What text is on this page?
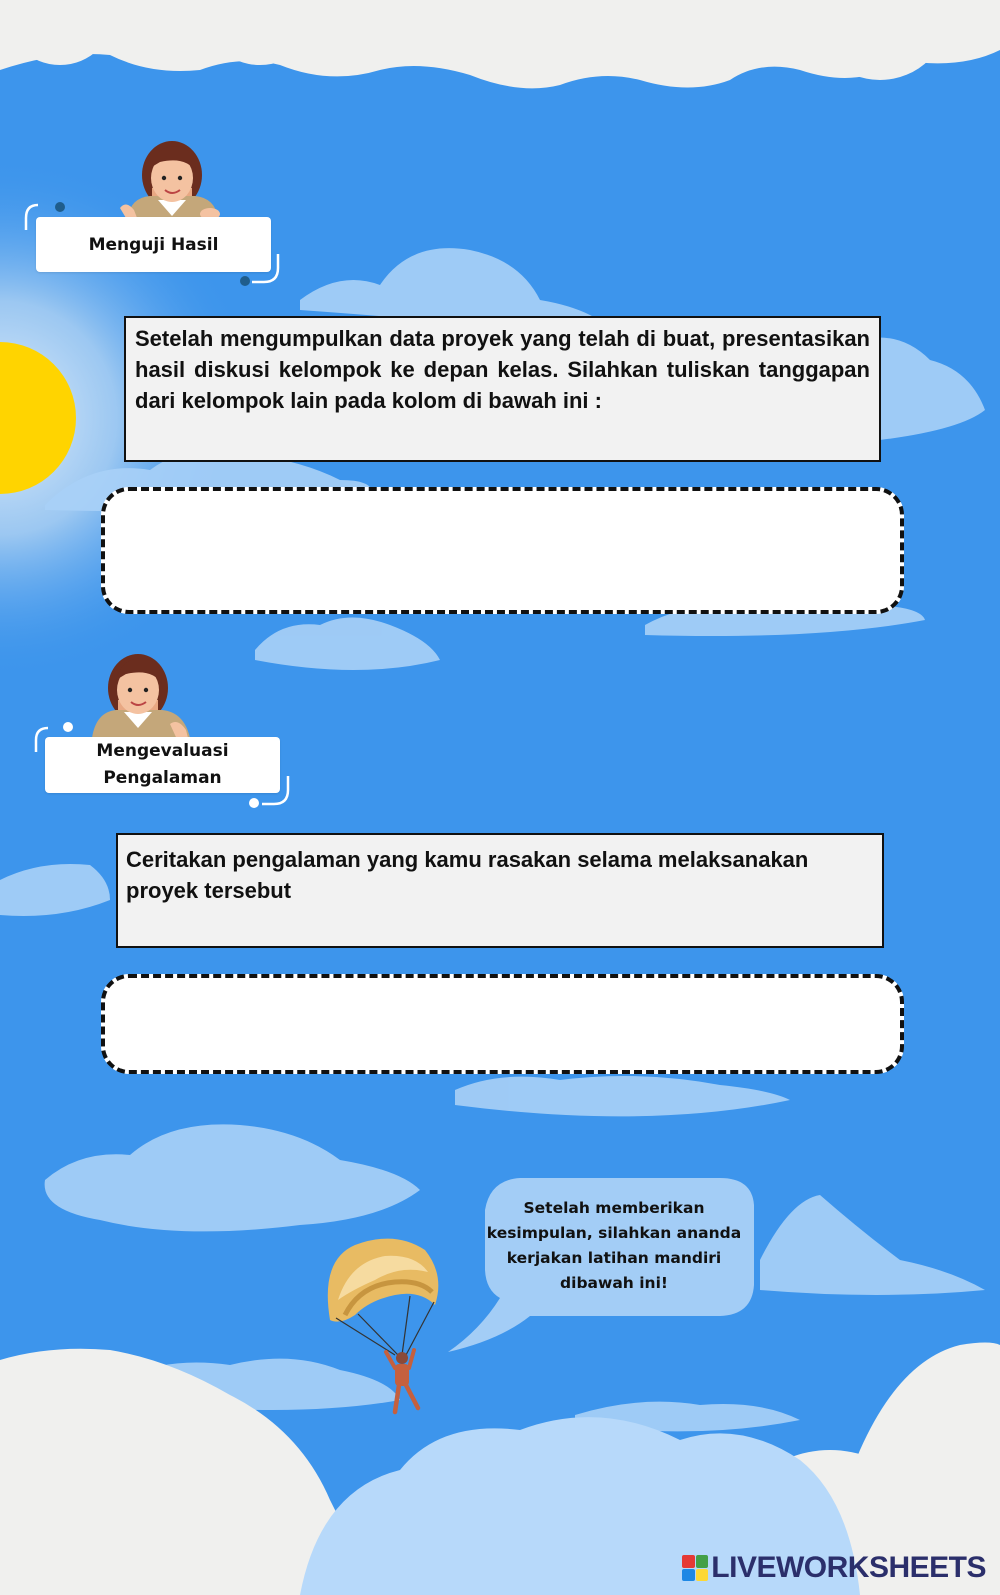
Menguji Hasil
Setelah mengumpulkan data proyek yang telah di buat, presentasikan hasil diskusi kelompok ke depan kelas. Silahkan tuliskan tanggapan dari kelompok lain pada kolom di bawah ini :
Mengevaluasi
Pengalaman
Ceritakan pengalaman yang kamu rasakan selama melaksanakan proyek tersebut
Setelah memberikan
kesimpulan, silahkan ananda
kerjakan latihan mandiri
dibawah ini!
LIVEWORKSHEETS
